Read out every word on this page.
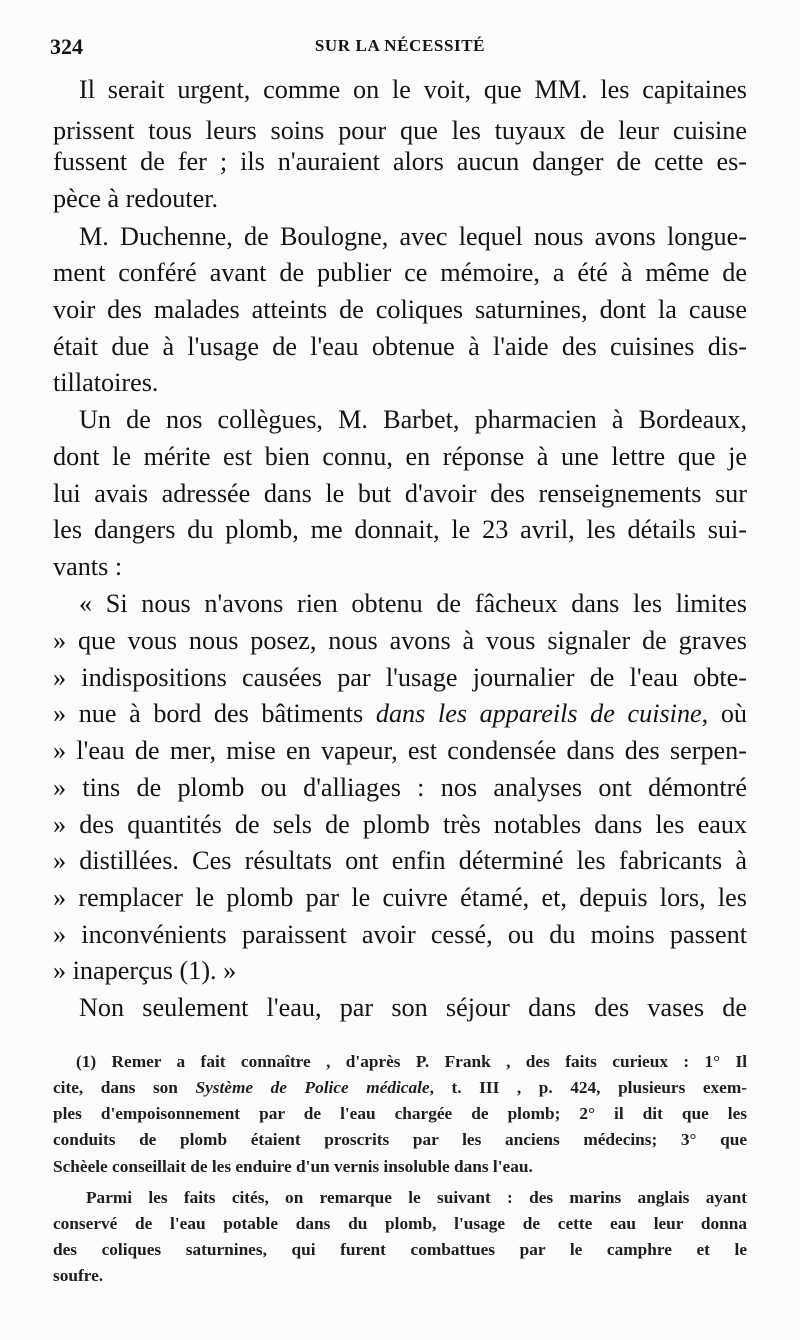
324	SUR LA NÉCESSITÉ
Il serait urgent, comme on le voit, que MM. les capitaines
prissent tous leurs soins pour que les tuyaux de leur cuisine
fussent de fer ; ils n'auraient alors aucun danger de cette es-
pèce à redouter.
M. Duchenne, de Boulogne, avec lequel nous avons longue-
ment conféré avant de publier ce mémoire, a été à même de
voir des malades atteints de coliques saturnines, dont la cause
était due à l'usage de l'eau obtenue à l'aide des cuisines dis-
tillatoires.
Un de nos collègues, M. Barbet, pharmacien à Bordeaux,
dont le mérite est bien connu, en réponse à une lettre que je
lui avais adressée dans le but d'avoir des renseignements sur
les dangers du plomb, me donnait, le 23 avril, les détails sui-
vants :
« Si nous n'avons rien obtenu de fâcheux dans les limites
» que vous nous posez, nous avons à vous signaler de graves
» indispositions causées par l'usage journalier de l'eau obte-
» nue à bord des bâtiments dans les appareils de cuisine, où
» l'eau de mer, mise en vapeur, est condensée dans des serpen-
» tins de plomb ou d'alliages : nos analyses ont démontré
» des quantités de sels de plomb très notables dans les eaux
» distillées. Ces résultats ont enfin déterminé les fabricants à
» remplacer le plomb par le cuivre étamé, et, depuis lors, les
» inconvénients paraissent avoir cessé, ou du moins passent
» inaperçus (1). »
Non seulement l'eau, par son séjour dans des vases de
(1) Remer a fait connaître , d'après P. Frank , des faits curieux : 1° Il
cite, dans son Système de Police médicale, t. III , p. 424, plusieurs exem-
ples d'empoisonnement par de l'eau chargée de plomb; 2° il dit que les
conduits de plomb étaient proscrits par les anciens médecins; 3° que
Schèele conseillait de les enduire d'un vernis insoluble dans l'eau.
Parmi les faits cités, on remarque le suivant : des marins anglais ayant
conservé de l'eau potable dans du plomb, l'usage de cette eau leur donna
des coliques saturnines, qui furent combattues par le camphre et le
soufre.
